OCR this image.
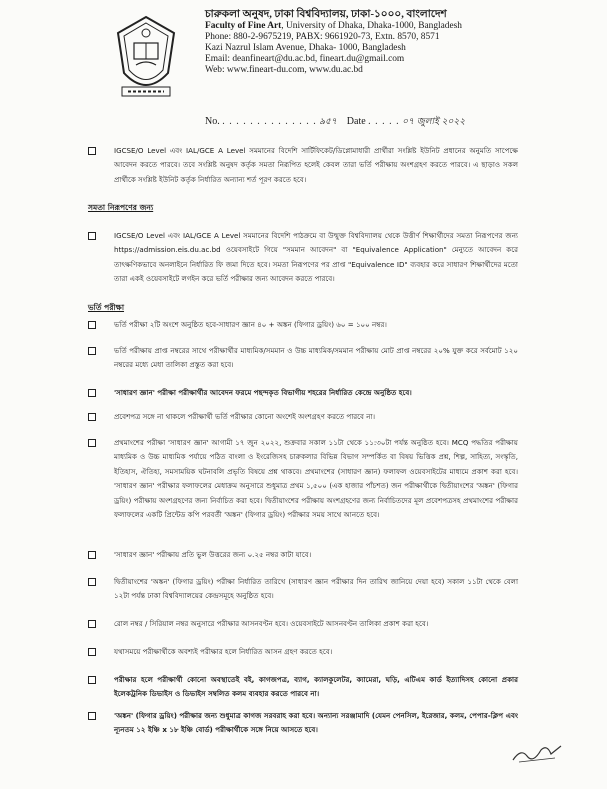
চারুকলা অনুষদ, ঢাকা বিশ্ববিদ্যালয়, ঢাকা-১০০০, বাংলাদেশ
Faculty of Fine Art, University of Dhaka, Dhaka-1000, Bangladesh
Phone: 880-2-9675219, PABX: 9661920-73, Extn. 8570, 8571
Kazi Nazrul Islam Avenue, Dhaka- 1000, Bangladesh
Email: deanfineart@du.ac.bd, fineart.du@gmail.com
Web: www.fineart-du.com, www.du.ac.bd
No. . . . . . . . . . . . . . . ৯৫৭ Date . . . . . ০৭ জুলাই ২০২২
IGCSE/O Level এবং IAL/GCE A Level সমমানের বিদেশি সার্টিফিকেট/ডিপ্লোমাধারী প্রার্থীরা সংশ্লিষ্ট ইউনিট প্রধানের অনুমতি সাপেক্ষে আবেদন করতে পারবে। তবে সংশ্লিষ্ট অনুষদ কর্তৃক সমতা নিরূপিত হলেই কেবল তারা ভর্তি পরীক্ষায় অংশগ্রহণ করতে পারবে। এ ছাড়াও সকল প্রার্থীকে সংশ্লিষ্ট ইউনিট কর্তৃক নির্ধারিত অন্যান্য শর্ত পূরণ করতে হবে।
সমতা নিরূপণের জন্য
IGCSE/O Level এবং IAL/GCE A Level সমমানের বিদেশি পাঠক্রমে বা উন্মুক্ত বিশ্ববিদ্যালয় থেকে উত্তীর্ণ শিক্ষার্থীদের সমতা নিরূপণের জন্য https://admission.eis.du.ac.bd ওয়েবসাইটে গিয়ে "সমমান আবেদন" বা "Equivalence Application" মেন্যুতে আবেদন করে তাৎক্ষণিকভাবে অনলাইনে নির্ধারিত ফি জমা দিতে হবে। সমতা নিরূপণের পর প্রাপ্ত "Equivalence ID" ব্যবহার করে সাধারণ শিক্ষার্থীদের মতো তারা একই ওয়েবসাইটে লগইন করে ভর্তি পরীক্ষার জন্য আবেদন করতে পারবে।
ভর্তি পরীক্ষা
ভর্তি পরীক্ষা ২টি অংশে অনুষ্ঠিত হবে-সাধারণ জ্ঞান ৪০ + অঙ্কন (ফিগার ড্রয়িং) ৬০ = ১০০ নম্বর।
ভর্তি পরীক্ষায় প্রাপ্ত নম্বরের সাথে পরীক্ষার্থীর মাধ্যমিক/সমমান ও উচ্চ মাধ্যমিক/সমমান পরীক্ষায় মোট প্রাপ্ত নম্বরের ২০% যুক্ত করে সর্বমোট ১২০ নম্বরের মধ্যে মেধা তালিকা প্রস্তুত করা হবে।
'সাধারণ জ্ঞান' পরীক্ষা পরীক্ষার্থীর আবেদন ফরমে পছন্দকৃত বিভাগীয় শহরের নির্ধারিত কেন্দ্রে অনুষ্ঠিত হবে।
প্রবেশপত্র সঙ্গে না থাকলে পরীক্ষার্থী ভর্তি পরীক্ষার কোনো অংশেই অংশগ্রহণ করতে পারবে না।
প্রথমাংশের পরীক্ষা 'সাধারণ জ্ঞান' আগামী ১৭ জুন ২০২২, শুক্রবার সকাল ১১টা থেকে ১১:৩০টা পর্যন্ত অনুষ্ঠিত হবে। MCQ পদ্ধতির পরীক্ষায় মাধ্যমিক ও উচ্চ মাধ্যমিক পর্যায়ে পঠিত বাংলা ও ইংরেজিসহ চারুকলার বিভিন্ন বিভাগ সম্পর্কিত বা বিষয় ভিত্তিক প্রশ্ন, শিল্প, সাহিত্য, সংস্কৃতি, ইতিহাস, ঐতিহ্য, সমসাময়িক ঘটনাবলি প্রভৃতি বিষয়ে প্রশ্ন থাকবে। প্রথমাংশের (সাধারণ জ্ঞান) ফলাফল ওয়েবসাইটের মাধ্যমে প্রকাশ করা হবে। 'সাধারণ জ্ঞান' পরীক্ষার ফলাফলের মেধাক্রম অনুসারে শুধুমাত্র প্রথম ১,৫০০ (এক হাজার পাঁচশত) জন পরীক্ষার্থীকে দ্বিতীয়াংশের 'অঙ্কন' (ফিগার ড্রয়িং) পরীক্ষায় অংশগ্রহণের জন্য নির্বাচিত করা হবে। দ্বিতীয়াংশের পরীক্ষায় অংশগ্রহণের জন্য নির্বাচিতদের মূল প্রবেশপত্রসহ প্রথমাংশের পরীক্ষার ফলাফলের একটি প্রিন্টেড কপি পরবর্তী 'অঙ্কন' (ফিগার ড্রয়িং) পরীক্ষার সময় সাথে আনতে হবে।
'সাধারণ জ্ঞান' পরীক্ষায় প্রতি ভুল উত্তরের জন্য ০.২৫ নম্বর কাটা যাবে।
দ্বিতীয়াংশের 'অঙ্কন' (ফিগার ড্রয়িং) পরীক্ষা নির্ধারিত তারিখে (সাধারণ জ্ঞান পরীক্ষার দিন তারিখ জানিয়ে দেয়া হবে) সকাল ১১টা থেকে বেলা ১২টা পর্যন্ত ঢাকা বিশ্ববিদ্যালয়ের কেন্দ্রসমূহে অনুষ্ঠিত হবে।
রোল নম্বর / সিরিয়াল নম্বর অনুসারে পরীক্ষার আসনবণ্টন হবে। ওয়েবসাইটে আসনবণ্টন তালিকা প্রকাশ করা হবে।
যথাসময়ে পরীক্ষার্থীকে অবশ্যই পরীক্ষার হলে নির্ধারিত আসন গ্রহণ করতে হবে।
পরীক্ষার হলে পরীক্ষার্থী কোনো অবস্থাতেই বই, কাগজপত্র, ব্যাগ, ক্যালকুলেটর, ক্যামেরা, ঘড়ি, এটিএম কার্ড ইত্যাদিসহ কোনো প্রকার ইলেকট্রনিক ডিভাইস ও ডিভাইস সম্বলিত কলম ব্যবহার করতে পারবে না।
'অঙ্কন' (ফিগার ড্রয়িং) পরীক্ষার জন্য শুধুমাত্র কাগজ সরবরাহ করা হবে। অন্যান্য সরঞ্জামাদি (যেমন পেনসিল, ইরেজার, কলম, পেপার-ক্লিপ এবং ন্যূনতম ১২ ইঞ্চি x ১৮ ইঞ্চি বোর্ড) পরীক্ষার্থীকে সঙ্গে নিয়ে আসতে হবে।
